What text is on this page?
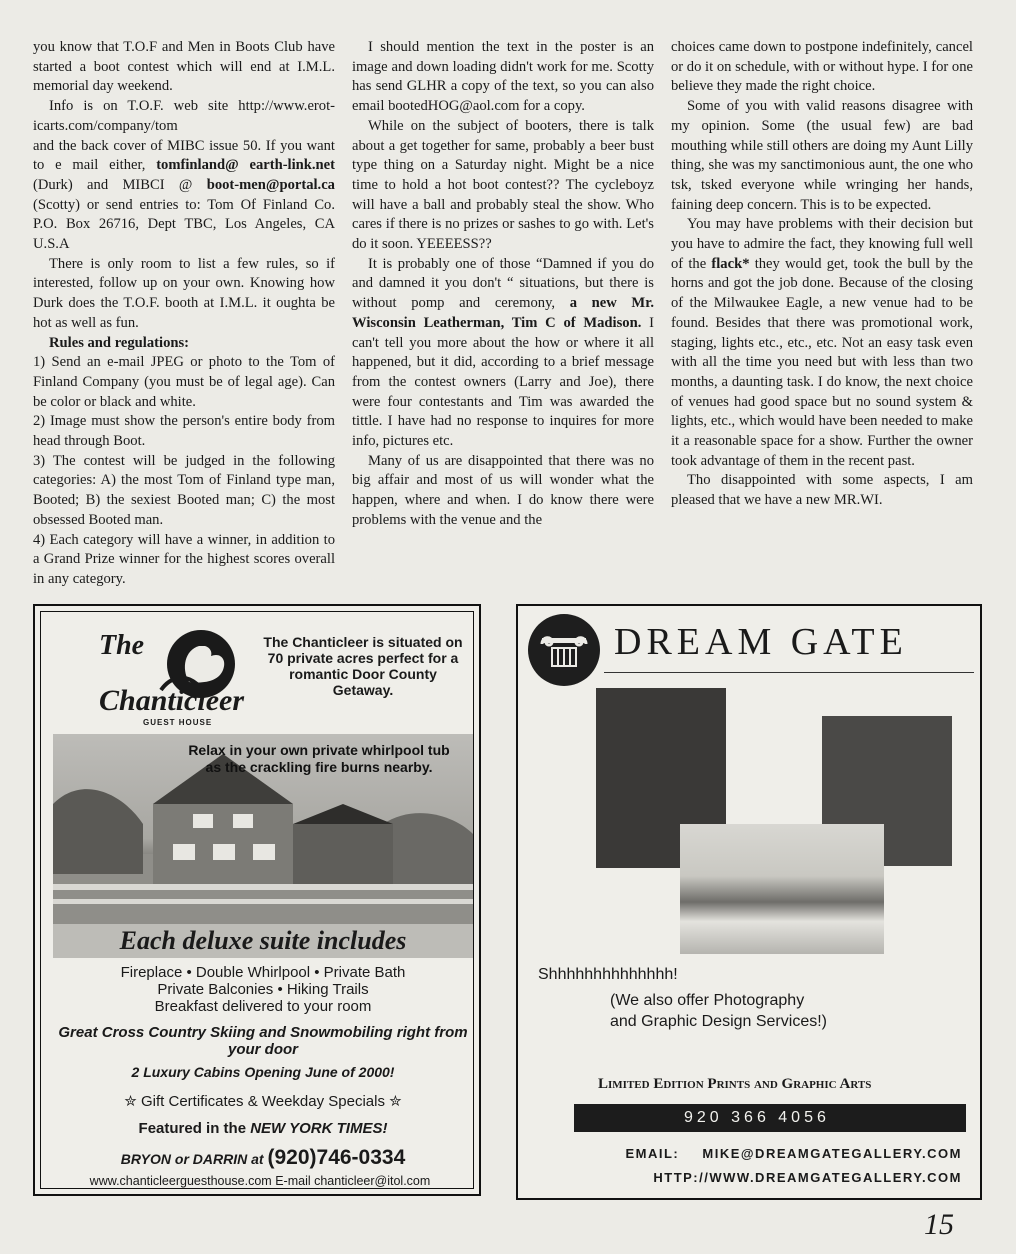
you know that T.O.F and Men in Boots Club have started a boot contest which will end at I.M.L. memorial day weekend.

Info is on T.O.F. web site http://www.erot-icarts.com/company/tom

and the back cover of MIBC issue 50. If you want to e mail either, tomfinland@ earth-link.net (Durk) and MIBCI @ boot-men@portal.ca (Scotty) or send entries to: Tom Of Finland Co. P.O. Box 26716, Dept TBC, Los Angeles, CA U.S.A

There is only room to list a few rules, so if interested, follow up on your own. Knowing how Durk does the T.O.F. booth at I.M.L. it oughta be hot as well as fun.

Rules and regulations:

1) Send an e-mail JPEG or photo to the Tom of Finland Company (you must be of legal age). Can be color or black and white.

2) Image must show the person's entire body from head through Boot.

3) The contest will be judged in the following categories: A) the most Tom of Finland type man, Booted; B) the sexiest Booted man; C) the most obsessed Booted man.

4) Each category will have a winner, in addition to a Grand Prize winner for the highest scores overall in any category.

I should mention the text in the poster is an image and down loading didn't work for me. Scotty has send GLHR a copy of the text, so you can also email bootedHOG@aol.com for a copy.

While on the subject of booters, there is talk about a get together for same, probably a beer bust type thing on a Saturday night. Might be a nice time to hold a hot boot contest?? The cycleboyz will have a ball and probably steal the show. Who cares if there is no prizes or sashes to go with. Let's do it soon. YEEEESS??

It is probably one of those “Damned if you do and damned it you don't “ situations, but there is without pomp and ceremony, a new Mr. Wisconsin Leatherman, Tim C of Madison. I can't tell you more about the how or where it all happened, but it did, according to a brief message from the contest owners (Larry and Joe), there were four contestants and Tim was awarded the tittle. I have had no response to inquires for more info, pictures etc.

Many of us are disappointed that there was no big affair and most of us will wonder what the happen, where and when. I do know there were problems with the venue and the

choices came down to postpone indefinitely, cancel or do it on schedule, with or without hype. I for one believe they made the right choice.

Some of you with valid reasons disagree with my opinion. Some (the usual few) are bad mouthing while still others are doing my Aunt Lilly thing, she was my sanctimonious aunt, the one who tsk, tsked everyone while wringing her hands, faining deep concern. This is to be expected.

You may have problems with their decision but you have to admire the fact, they knowing full well of the flack* they would get, took the bull by the horns and got the job done. Because of the closing of the Milwaukee Eagle, a new venue had to be found. Besides that there was promotional work, staging, lights etc., etc., etc. Not an easy task even with all the time you need but with less than two months, a daunting task. I do know, the next choice of venues had good space but no sound system & lights, etc., which would have been needed to make it a reasonable space for a show. Further the owner took advantage of them in the recent past.

Tho disappointed with some aspects, I am pleased that we have a new MR.WI.

The
Chanticleer
GUEST HOUSE
The Chanticleer is situated on 70 private acres perfect for a romantic Door County Getaway.
Relax in your own private whirlpool tub as the crackling fire burns nearby.
Each deluxe suite includes
Fireplace • Double Whirlpool • Private Bath
Private Balconies • Hiking Trails
Breakfast delivered to your room
Great Cross Country Skiing and Snowmobiling right from your door
2 Luxury Cabins Opening June of 2000!
✮ Gift Certificates & Weekday Specials ✮
Featured in the NEW YORK TIMES!
BRYON or DARRIN at (920)746-0334
www.chanticleerguesthouse.com E-mail chanticleer@itol.com
DREAM GATE
Shhhhhhhhhhhhhh!
(We also offer Photography
and Graphic Design Services!)
Limited Edition Prints and Graphic Arts
920 366 4056
EMAIL: MIKE@DREAMGATEGALLERY.COM
HTTP://WWW.DREAMGATEGALLERY.COM
15
